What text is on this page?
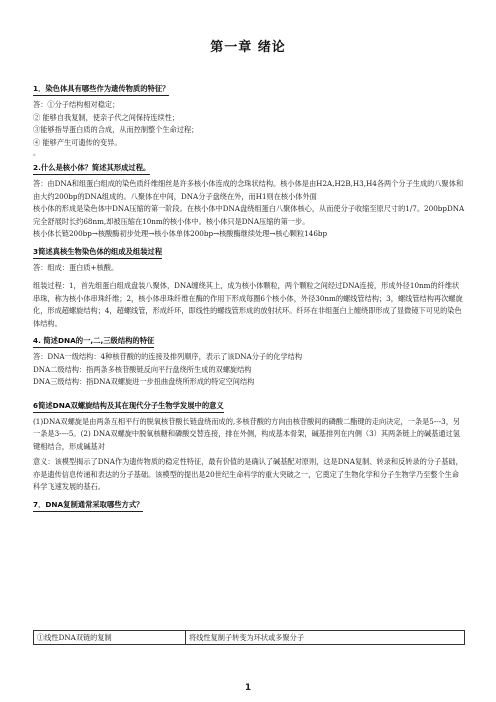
第一章 绪论
1．染色体具有哪些作为遗传物质的特征？

答：①分子结构相对稳定；

② 能够自我复制，使亲子代之间保持连续性；

③能够指导蛋白质的合成，从而控制整个生命过程；

④ 能够产生可遗传的变异。

。

2.什么是核小体？简述其形成过程。

答：由DNA和组蛋白组成的染色质纤维细丝是许多核小体连成的念珠状结构。核小体是由H2A,H2B,H3,H4各两个分子生成的八聚体和由大约200bp的DNA组成的。八聚体在中间，DNA分子盘绕在外，而H1则在核小体外面

核小体的形成是染色体中DNA压缩的第一阶段。在核小体中DNA盘绕组蛋白八聚体核心，从而使分子收缩至原尺寸的1/7。200bpDNA完全舒展时长约68nm,却被压缩在10nm的核小体中。核小体只是DNA压缩的第一步。

核小体长链200bp→核酸酶初步处理→核小体单体200bp→核酸酶继续处理→核心颗粒146bp

3简述真核生物染色体的组成及组装过程

答：组成：蛋白质+核酸。

组装过程：1，首先组蛋白组成盘装八聚体，DNA缠绕其上，成为核小体颗粒，两个颗粒之间经过DNA连接，形成外径10nm的纤维状串珠，称为核小体串珠纤维；2，核小体串珠纤维在酶的作用下形成每圈6个核小体，外径30nm的螺线管结构；3，螺线管结构再次螺旋化，形成超螺旋结构；4，超螺线管，形成纤环，即线性的螺线管形成的放射状环。纤环在非组蛋白上缠绕即形成了显微镜下可见的染色体结构。

4. 简述DNA的一,二,三级结构的特征

答：DNA一级结构：4种核苷酸的的连接及排列顺序，表示了该DNA分子的化学结构

DNA二级结构：指两条多核苷酸链反向平行盘绕所生成的双螺旋结构

DNA三级结构：指DNA双螺旋进一步扭曲盘绕所形成的特定空间结构

6简述DNA双螺旋结构及其在现代分子生物学发展中的意义

(1)DNA双螺旋是由两条互相平行的脱氧核苷酸长链盘绕而成的,多核苷酸的方向由核苷酸间的磷酸二酯键的走向决定，一条是5---3，另一条是3----5。(2) DNA双螺旋中脱氧核糖和磷酸交替连接，排在外侧，构成基本骨架，碱基排列在内侧（3）其两条链上的碱基通过氢键相结合，形成碱基对

意义：该模型揭示了DNA作为遗传物质的稳定性特征，最有价值的是确认了碱基配对原则，这是DNA复制、转录和反转录的分子基础，亦是遗传信息传递和表达的分子基础。该模型的提出是20世纪生命科学的重大突破之一，它奠定了生物化学和分子生物学乃至整个生命科学飞速发展的基石。

7．DNA复制通常采取哪些方式？
①线性DNA双链的复制	将线性复制子转变为环状或多聚分子
1
